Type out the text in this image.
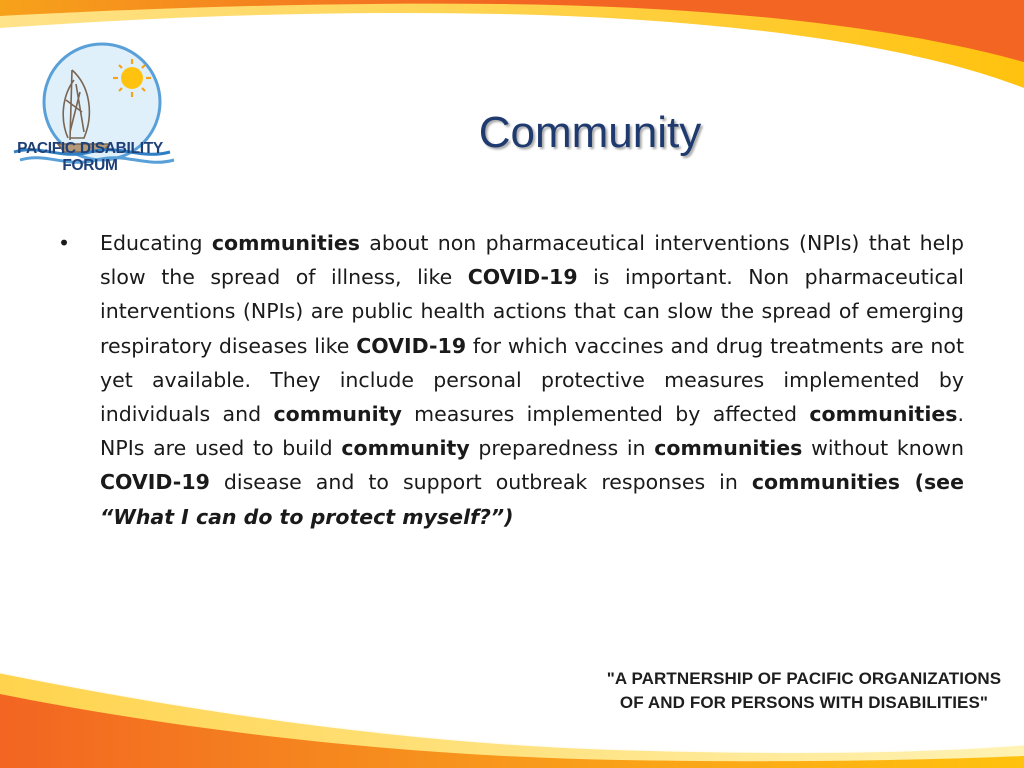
PACIFIC DISABILITY
FORUM
Community
• Educating communities about non pharmaceutical interventions (NPIs) that help slow the spread of illness, like COVID-19 is important. Non pharmaceutical interventions (NPIs) are public health actions that can slow the spread of emerging respiratory diseases like COVID-19 for which vaccines and drug treatments are not yet available. They include personal protective measures implemented by individuals and community measures implemented by affected communities. NPIs are used to build community preparedness in communities without known COVID-19 disease and to support outbreak responses in communities (see “What I can do to protect myself?”)
"A PARTNERSHIP OF PACIFIC ORGANIZATIONS
OF AND FOR PERSONS WITH DISABILITIES"
